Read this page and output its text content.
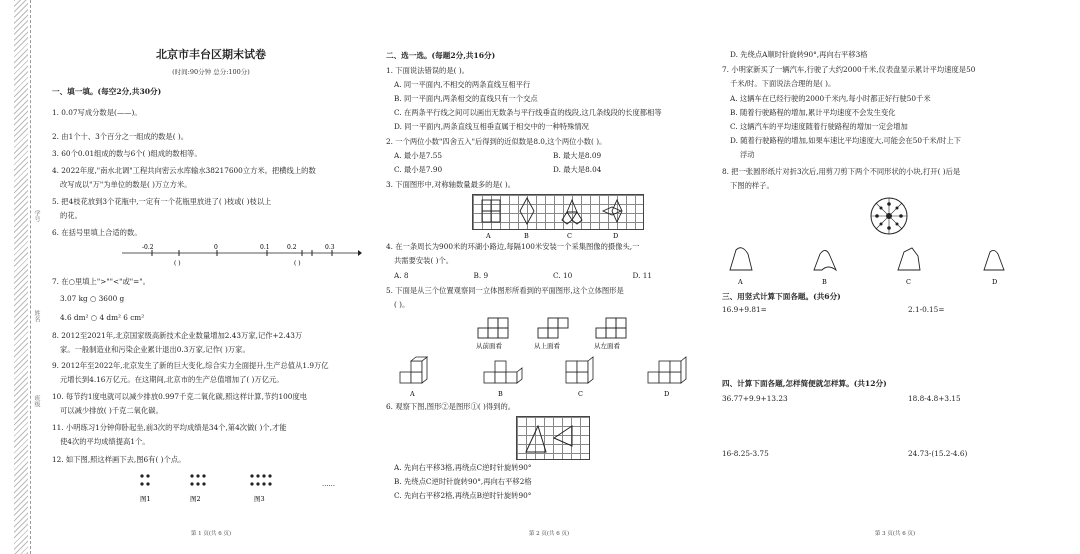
学号
姓名
班级
北京市丰台区期末试卷
(时间:90分钟 总分:100分)
一、填一填。(每空2分,共30分)
1. 0.07写成分数是(——)。
2. 由1个十、3个百分之一组成的数是( )。
3. 60个0.01组成的数与6个( )组成的数相等。
4. 2022年度,"南水北调"工程共向密云水库输水38217600立方米。把横线上的数
改写成以"万"为单位的数是( )万立方米。
5. 把4枝花放到3个花瓶中,一定有一个花瓶里放进了( )枝或( )枝以上
的花。
6. 在括号里填上合适的数。
-0.2	0	0.1	0.2	0.3
( )	( )
7. 在○里填上">""<"或"="。
3.07 kg ○ 3600 g
4.6 dm² ○ 4 dm² 6 cm²
8. 2012至2021年,北京国家级高新技术企业数量增加2.43万家,记作+2.43万
家。一般制造业和污染企业累计退出0.3万家,记作( )万家。
9. 2012年至2022年,北京发生了新的巨大变化,综合实力全面提升,生产总值从1.9万亿
元增长到4.16万亿元。在这期间,北京市的生产总值增加了( )万亿元。
10. 每节约1度电就可以减少排放0.997千克二氧化碳,照这样计算,节约100度电
可以减少排放( )千克二氧化碳。
11. 小明练习1分钟仰卧起坐,前3次的平均成绩是34个,第4次做( )个,才能
使4次的平均成绩提高1个。
12. 如下图,照这样画下去,图6有( )个点。
图1	图2	图3
……
第 1 页(共 6 页)
二、选一选。(每题2分,共16分)
1. 下面说法错误的是( )。
A. 同一平面内,不相交的两条直线互相平行
B. 同一平面内,两条相交的直线只有一个交点
C. 在两条平行线之间可以画出无数条与平行线垂直的线段,这几条线段的长度都相等
D. 同一平面内,两条直线互相垂直属于相交中的一种特殊情况
2. 一个两位小数"四舍五入"后得到的近似数是8.0,这个两位小数( )。
A. 最小是7.55	B. 最大是8.09
C. 最小是7.90	D. 最大是8.04
3. 下面图形中,对称轴数量最多的是( )。
A	B	C	D
4. 在一条周长为900米的环湖小路边,每隔100米安装一个采集图像的摄像头,一
共需要安装( )个。
A. 8	B. 9	C. 10	D. 11
5. 下面是从三个位置观察同一立体图形所看到的平面图形,这个立体图形是
( )。
从前面看	从上面看	从左面看
A	B	C	D
6. 观察下图,图形②是图形①( )得到的。
A. 先向右平移3格,再绕点C逆时针旋转90°
B. 先绕点C逆时针旋转90°,再向右平移2格
C. 先向右平移2格,再绕点B逆时针旋转90°
第 2 页(共 6 页)
D. 先绕点A顺时针旋转90°,再向右平移3格
7. 小明家新买了一辆汽车,行驶了大约2000千米,仪表盘显示累计平均速度是50
千米/时。下面说法合理的是( )。
A. 这辆车在已经行驶的2000千米内,每小时都正好行驶50千米
B. 随着行驶路程的增加,累计平均速度不会发生变化
C. 这辆汽车的平均速度随着行驶路程的增加一定会增加
D. 随着行驶路程的增加,如果车速比平均速度大,可能会在50千米/时上下
浮动
8. 把一张圆形纸片对折3次后,用剪刀剪下两个不同形状的小块,打开( )后是
下图的样子。
A	B	C	D
三、用竖式计算下面各题。(共6分)
16.9+9.81=	2.1-0.15=
四、计算下面各题,怎样简便就怎样算。(共12分)
36.77+9.9+13.23	18.8-4.8+3.15
16-8.25-3.75	24.73-(15.2-4.6)
第 3 页(共 6 页)
